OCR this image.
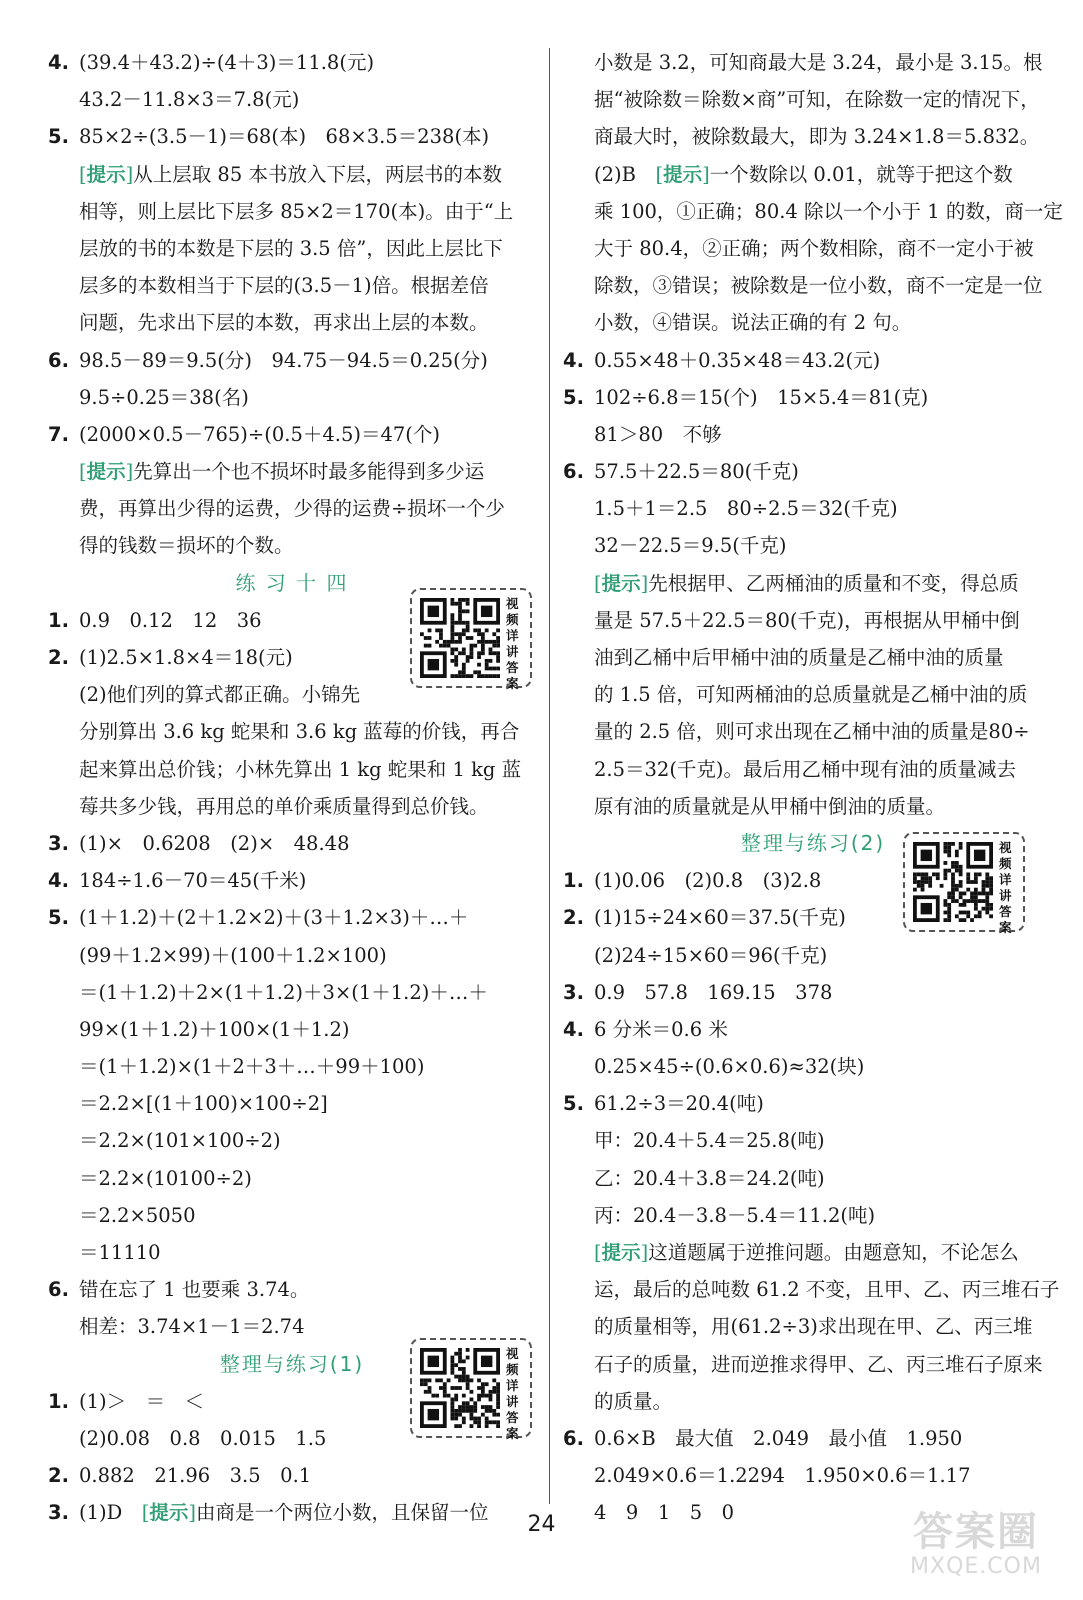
4. (39.4＋43.2)÷(4＋3)＝11.8(元)
43.2－11.8×3＝7.8(元)
5. 85×2÷(3.5－1)＝68(本)　68×3.5＝238(本)
[提示]从上层取 85 本书放入下层，两层书的本数
相等，则上层比下层多 85×2＝170(本)。由于“上
层放的书的本数是下层的 3.5 倍”，因此上层比下
层多的本数相当于下层的(3.5－1)倍。根据差倍
问题，先求出下层的本数，再求出上层的本数。
6. 98.5－89＝9.5(分)　94.75－94.5＝0.25(分)
9.5÷0.25＝38(名)
7. (2000×0.5－765)÷(0.5＋4.5)＝47(个)
[提示]先算出一个也不损坏时最多能得到多少运
费，再算出少得的运费，少得的运费÷损坏一个少
得的钱数＝损坏的个数。
练 习 十 四
1. 0.9　0.12　12　36
2. (1)2.5×1.8×4＝18(元)
(2)他们列的算式都正确。小锦先
分别算出 3.6 kg 蛇果和 3.6 kg 蓝莓的价钱，再合
起来算出总价钱；小林先算出 1 kg 蛇果和 1 kg 蓝
莓共多少钱，再用总的单价乘质量得到总价钱。
3. (1)×　0.6208　(2)×　48.48
4. 184÷1.6－70＝45(千米)
5. (1＋1.2)＋(2＋1.2×2)＋(3＋1.2×3)＋…＋
(99＋1.2×99)＋(100＋1.2×100)
＝(1＋1.2)＋2×(1＋1.2)＋3×(1＋1.2)＋…＋
99×(1＋1.2)＋100×(1＋1.2)
＝(1＋1.2)×(1＋2＋3＋…＋99＋100)
＝2.2×[(1＋100)×100÷2]
＝2.2×(101×100÷2)
＝2.2×(10100÷2)
＝2.2×5050
＝11110
6. 错在忘了 1 也要乘 3.74。
相差：3.74×1－1＝2.74
整理与练习(1)
1. (1)＞　＝　＜
(2)0.08　0.8　0.015　1.5
2. 0.882　21.96　3.5　0.1
3. (1)D　[提示]由商是一个两位小数，且保留一位
小数是 3.2，可知商最大是 3.24，最小是 3.15。根
据“被除数＝除数×商”可知，在除数一定的情况下，
商最大时，被除数最大，即为 3.24×1.8＝5.832。
(2)B　[提示]一个数除以 0.01，就等于把这个数
乘 100，①正确；80.4 除以一个小于 1 的数，商一定
大于 80.4，②正确；两个数相除，商不一定小于被
除数，③错误；被除数是一位小数，商不一定是一位
小数，④错误。说法正确的有 2 句。
4. 0.55×48＋0.35×48＝43.2(元)
5. 102÷6.8＝15(个)　15×5.4＝81(克)
81＞80　不够
6. 57.5＋22.5＝80(千克)
1.5＋1＝2.5　80÷2.5＝32(千克)
32－22.5＝9.5(千克)
[提示]先根据甲、乙两桶油的质量和不变，得总质
量是 57.5＋22.5＝80(千克)，再根据从甲桶中倒
油到乙桶中后甲桶中油的质量是乙桶中油的质量
的 1.5 倍，可知两桶油的总质量就是乙桶中油的质
量的 2.5 倍，则可求出现在乙桶中油的质量是80÷
2.5＝32(千克)。最后用乙桶中现有油的质量减去
原有油的质量就是从甲桶中倒油的质量。
整理与练习(2)
1. (1)0.06　(2)0.8　(3)2.8
2. (1)15÷24×60＝37.5(千克)
(2)24÷15×60＝96(千克)
3. 0.9　57.8　169.15　378
4. 6 分米＝0.6 米
0.25×45÷(0.6×0.6)≈32(块)
5. 61.2÷3＝20.4(吨)
甲：20.4＋5.4＝25.8(吨)
乙：20.4＋3.8＝24.2(吨)
丙：20.4－3.8－5.4＝11.2(吨)
[提示]这道题属于逆推问题。由题意知，不论怎么
运，最后的总吨数 61.2 不变，且甲、乙、丙三堆石子
的质量相等，用(61.2÷3)求出现在甲、乙、丙三堆
石子的质量，进而逆推求得甲、乙、丙三堆石子原来
的质量。
6. 0.6×B　最大值　2.049　最小值　1.950
2.049×0.6＝1.2294　1.950×0.6＝1.17
4　9　1　5　0
视频详讲答案
视频详讲答案
视频详讲答案
24	答案圈
MXQE.COM
